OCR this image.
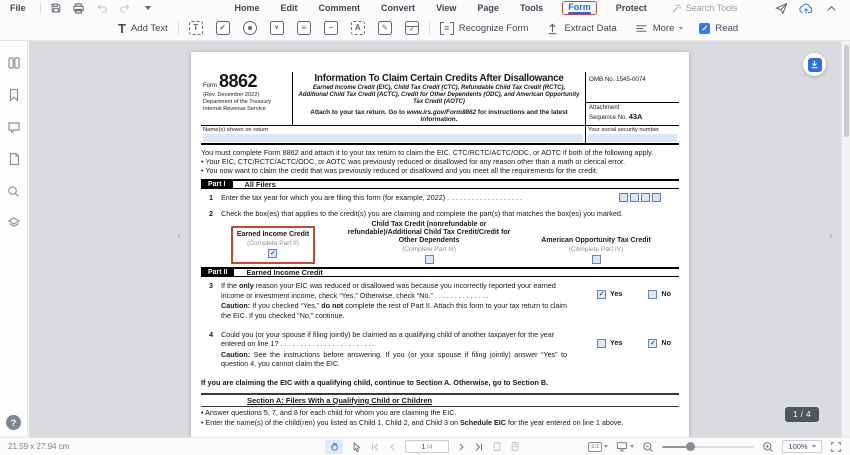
File	Home Edit Comment Convert View Page Tools	Form	Protect	Search Tools
T Add Text	T	✓	∨	≡	···	A	✎	✓	≡ Recognize Form	Extract Data	More ✓	Read
?
Form 8862
(Rev. December 2022)
Department of the Treasury
Internal Revenue Service
Information To Claim Certain Credits After Disallowance
Earned Income Credit (EIC), Child Tax Credit (CTC), Refundable Child Tax Credit (RCTC), Additional Child Tax Credit (ACTC), Credit for Other Dependents (ODC), and American Opportunity Tax Credit (AOTC)
Attach to your tax return. Go to www.irs.gov/Form8862 for instructions and the latest information.
OMB No. 1545-0074
Attachment
Sequence No. 43A
Name(s) shown on return	Your social security number
You must complete Form 8862 and attach it to your tax return to claim the EIC, CTC/RCTC/ACTC/ODC, or AOTC if both of the following apply.
• Your EIC, CTC/RCTC/ACTC/ODC, or AOTC was previously reduced or disallowed for any reason other than a math or clerical error.
• You now want to claim the credit that was previously reduced or disallowed and you meet all the requirements for the credit.
Part I	All Filers
1	Enter the tax year for which you are filing this form (for example, 2022) . . . . . . . . . . . . . . . . . . .
2	Check the box(es) that applies to the credit(s) you are claiming and complete the part(s) that matches the box(es) you marked.
Earned Income Credit
(Complete Part II)
✓
Child Tax Credit (nonrefundable or refundable)/Additional Child Tax Credit/Credit for Other Dependents
(Complete Part III)
American Opportunity Tax Credit
(Complete Part IV)
Part II	Earned Income Credit
3	If the only reason your EIC was reduced or disallowed was because you incorrectly reported your earned income or investment income, check “Yes.” Otherwise, check “No.” . . . . . . . . . . . . . .
Caution: If you checked “Yes,” do not complete the rest of Part II. Attach this form to your tax return to claim the EIC. If you checked “No,” continue.
✓
Yes	No
4	Could you (or your spouse if filing jointly) be claimed as a qualifying child of another taxpayer for the year entered on line 1? . . . . . . . . . . . . . . . . . . . . . . . .
Caution: See the instructions before answering. If you (or your spouse if filing jointly) answer “Yes” to question 4, you cannot claim the EIC.
Yes ✓	No
If you are claiming the EIC with a qualifying child, continue to Section A. Otherwise, go to Section B.
Section A: Filers With a Qualifying Child or Children
• Answer questions 5, 7, and 8 for each child for whom you are claiming the EIC.
• Enter the name(s) of the child(ren) you listed as Child 1, Child 2, and Child 3 on Schedule EIC for the year entered on line 1 above.
‹	›
1 / 4
21.59 x 27.94 cm	1 /4	1:1	100%
